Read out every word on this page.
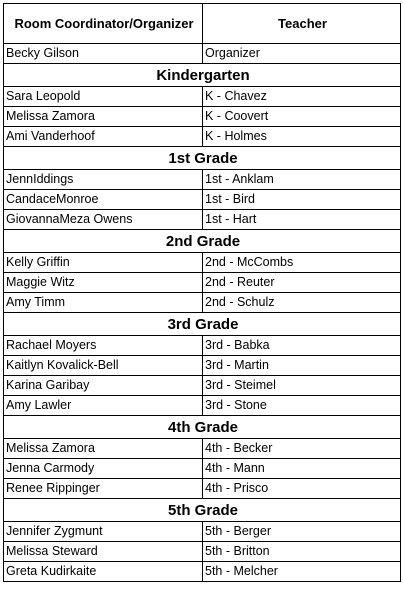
Room Coordinator/Organizer	Teacher
Becky Gilson	Organizer
Kindergarten	
Sara Leopold	K - Chavez
Melissa Zamora	K - Coovert
Ami Vanderhoof	K - Holmes
1st Grade	
JennIddings	1st - Anklam
CandaceMonroe	1st - Bird
GiovannaMeza Owens	1st - Hart
2nd Grade	
Kelly Griffin	2nd - McCombs
Maggie Witz	2nd - Reuter
Amy Timm	2nd - Schulz
3rd Grade	
Rachael Moyers	3rd - Babka
Kaitlyn Kovalick-Bell	3rd - Martin
Karina Garibay	3rd - Steimel
Amy Lawler	3rd - Stone
4th Grade	
Melissa Zamora	4th - Becker
Jenna Carmody	4th - Mann
Renee Rippinger	4th - Prisco
5th Grade	
Jennifer Zygmunt	5th - Berger
Melissa Steward	5th - Britton
Greta Kudirkaite	5th - Melcher
